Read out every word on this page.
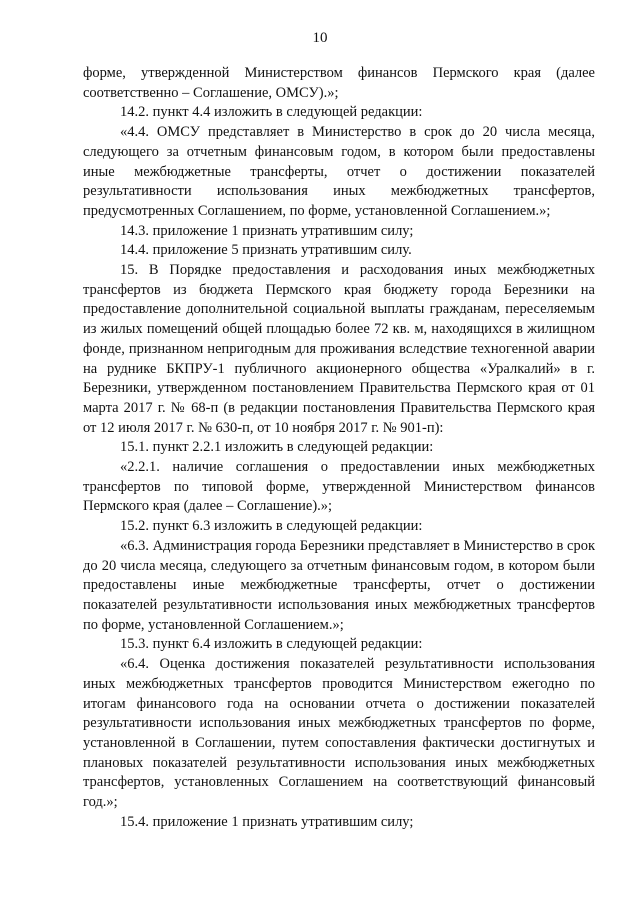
10

форме, утвержденной Министерством финансов Пермского края (далее соответственно – Соглашение, ОМСУ).»;

14.2. пункт 4.4 изложить в следующей редакции:

«4.4. ОМСУ представляет в Министерство в срок до 20 числа месяца, следующего за отчетным финансовым годом, в котором были предоставлены иные межбюджетные трансферты, отчет о достижении показателей результативности использования иных межбюджетных трансфертов, предусмотренных Соглашением, по форме, установленной Соглашением.»;

14.3. приложение 1 признать утратившим силу;

14.4. приложение 5 признать утратившим силу.

15. В Порядке предоставления и расходования иных межбюджетных трансфертов из бюджета Пермского края бюджету города Березники на предоставление дополнительной социальной выплаты гражданам, переселяемым из жилых помещений общей площадью более 72 кв. м, находящихся в жилищном фонде, признанном непригодным для проживания вследствие техногенной аварии на руднике БКПРУ-1 публичного акционерного общества «Уралкалий» в г. Березники, утвержденном постановлением Правительства Пермского края от 01 марта 2017 г. № 68-п (в редакции постановления Правительства Пермского края от 12 июля 2017 г. № 630-п, от 10 ноября 2017 г. № 901-п):

15.1. пункт 2.2.1 изложить в следующей редакции:

«2.2.1. наличие соглашения о предоставлении иных межбюджетных трансфертов по типовой форме, утвержденной Министерством финансов Пермского края (далее – Соглашение).»;

15.2. пункт 6.3 изложить в следующей редакции:

«6.3. Администрация города Березники представляет в Министерство в срок до 20 числа месяца, следующего за отчетным финансовым годом, в котором были предоставлены иные межбюджетные трансферты, отчет о достижении показателей результативности использования иных межбюджетных трансфертов по форме, установленной Соглашением.»;

15.3. пункт 6.4 изложить в следующей редакции:

«6.4. Оценка достижения показателей результативности использования иных межбюджетных трансфертов проводится Министерством ежегодно по итогам финансового года на основании отчета о достижении показателей результативности использования иных межбюджетных трансфертов по форме, установленной в Соглашении, путем сопоставления фактически достигнутых и плановых показателей результативности использования иных межбюджетных трансфертов, установленных Соглашением на соответствующий финансовый год.»;

15.4. приложение 1 признать утратившим силу;
